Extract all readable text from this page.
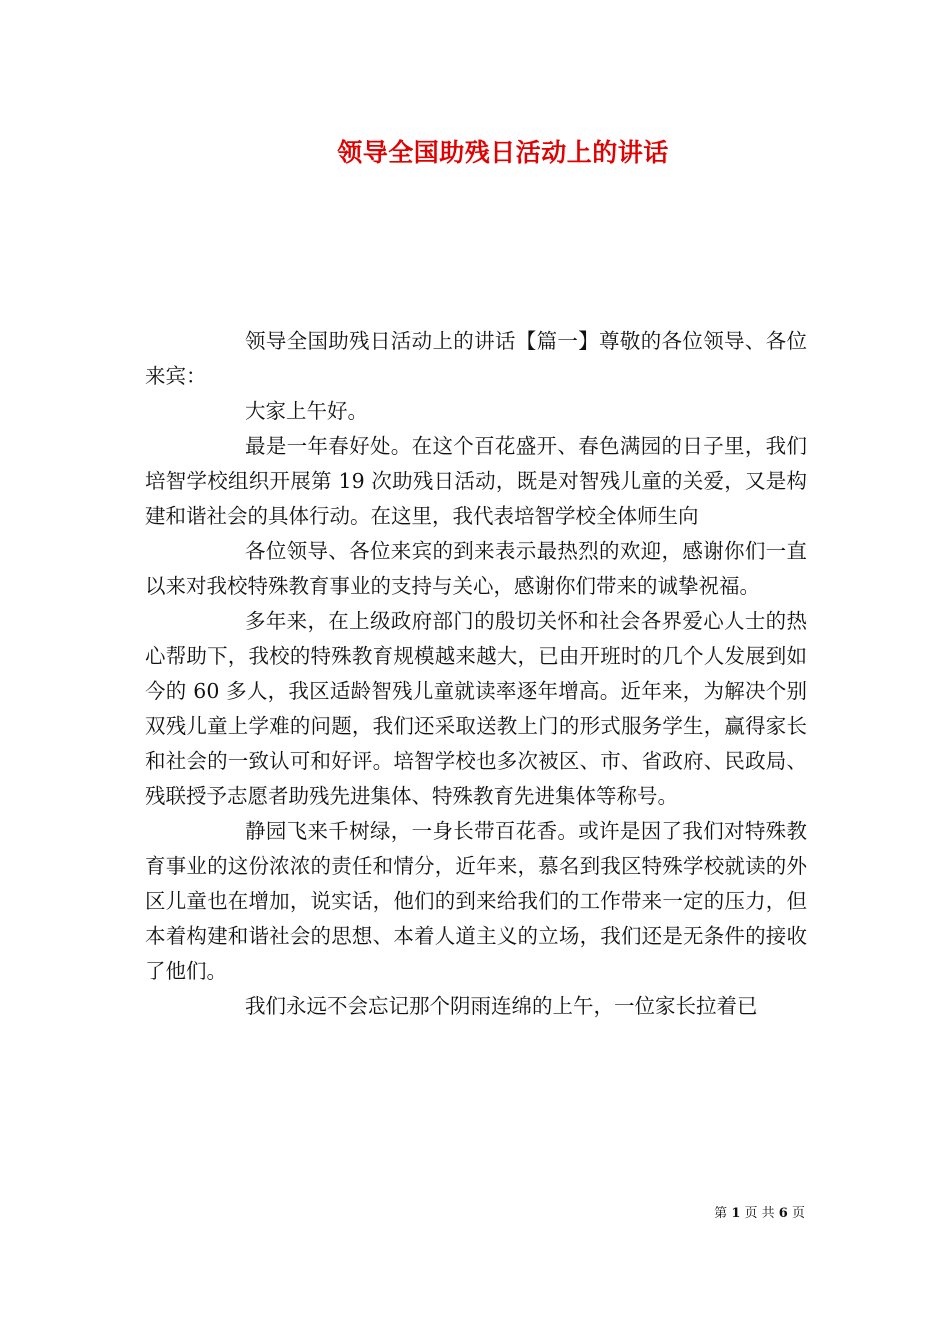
领导全国助残日活动上的讲话

领导全国助残日活动上的讲话【篇一】尊敬的各位领导、各位来宾：

大家上午好。

最是一年春好处。在这个百花盛开、春色满园的日子里，我们培智学校组织开展第 19 次助残日活动，既是对智残儿童的关爱，又是构建和谐社会的具体行动。在这里，我代表培智学校全体师生向

各位领导、各位来宾的到来表示最热烈的欢迎，感谢你们一直以来对我校特殊教育事业的支持与关心，感谢你们带来的诚挚祝福。

多年来，在上级政府部门的殷切关怀和社会各界爱心人士的热心帮助下，我校的特殊教育规模越来越大，已由开班时的几个人发展到如今的 60 多人，我区适龄智残儿童就读率逐年增高。近年来，为解决个别双残儿童上学难的问题，我们还采取送教上门的形式服务学生，赢得家长和社会的一致认可和好评。培智学校也多次被区、市、省政府、民政局、残联授予志愿者助残先进集体、特殊教育先进集体等称号。

静园飞来千树绿，一身长带百花香。或许是因了我们对特殊教育事业的这份浓浓的责任和情分，近年来，慕名到我区特殊学校就读的外区儿童也在增加，说实话，他们的到来给我们的工作带来一定的压力，但本着构建和谐社会的思想、本着人道主义的立场，我们还是无条件的接收了他们。

我们永远不会忘记那个阴雨连绵的上午，一位家长拉着已

第 1 页 共 6 页
